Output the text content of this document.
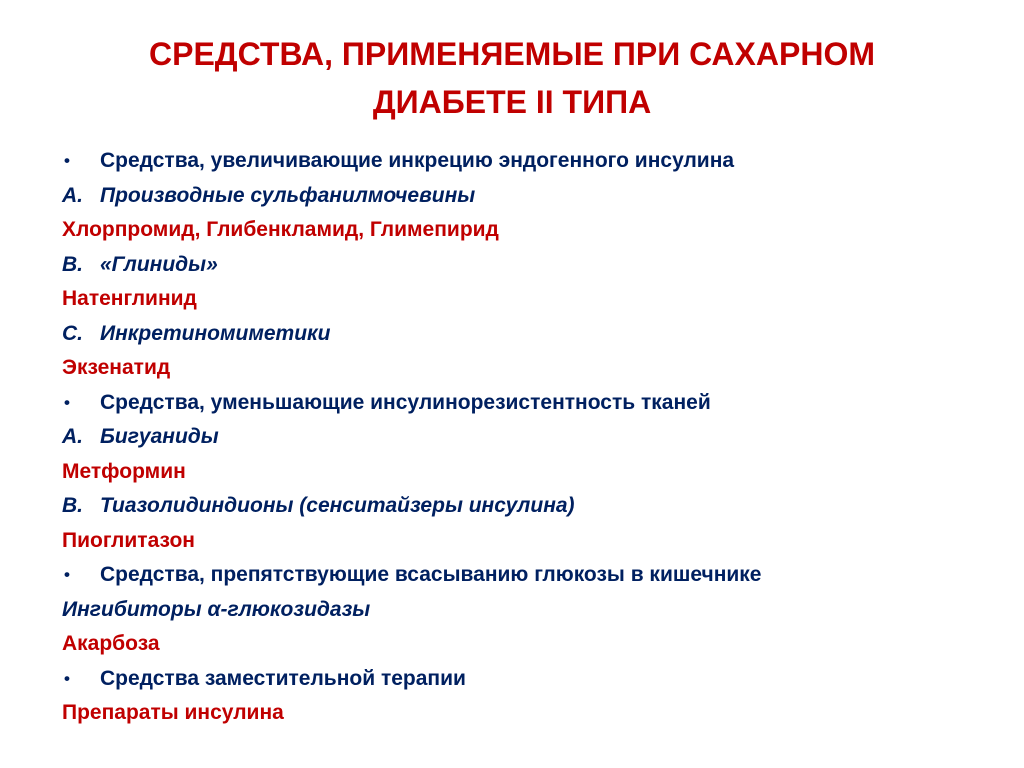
СРЕДСТВА, ПРИМЕНЯЕМЫЕ ПРИ САХАРНОМ
ДИАБЕТЕ II ТИПА
• Средства, увеличивающие инкрецию эндогенного инсулина
А. Производные сульфанилмочевины
Хлорпромид, Глибенкламид, Глимепирид
В. «Глиниды»
Натенглинид
С. Инкретиномиметики
Экзенатид
• Средства, уменьшающие инсулинорезистентность тканей
А. Бигуаниды
Метформин
В. Тиазолидиндионы (сенситайзеры инсулина)
Пиоглитазон
• Средства, препятствующие всасыванию глюкозы в кишечнике
Ингибиторы α-глюкозидазы
Акарбоза
• Средства заместительной терапии
Препараты инсулина
